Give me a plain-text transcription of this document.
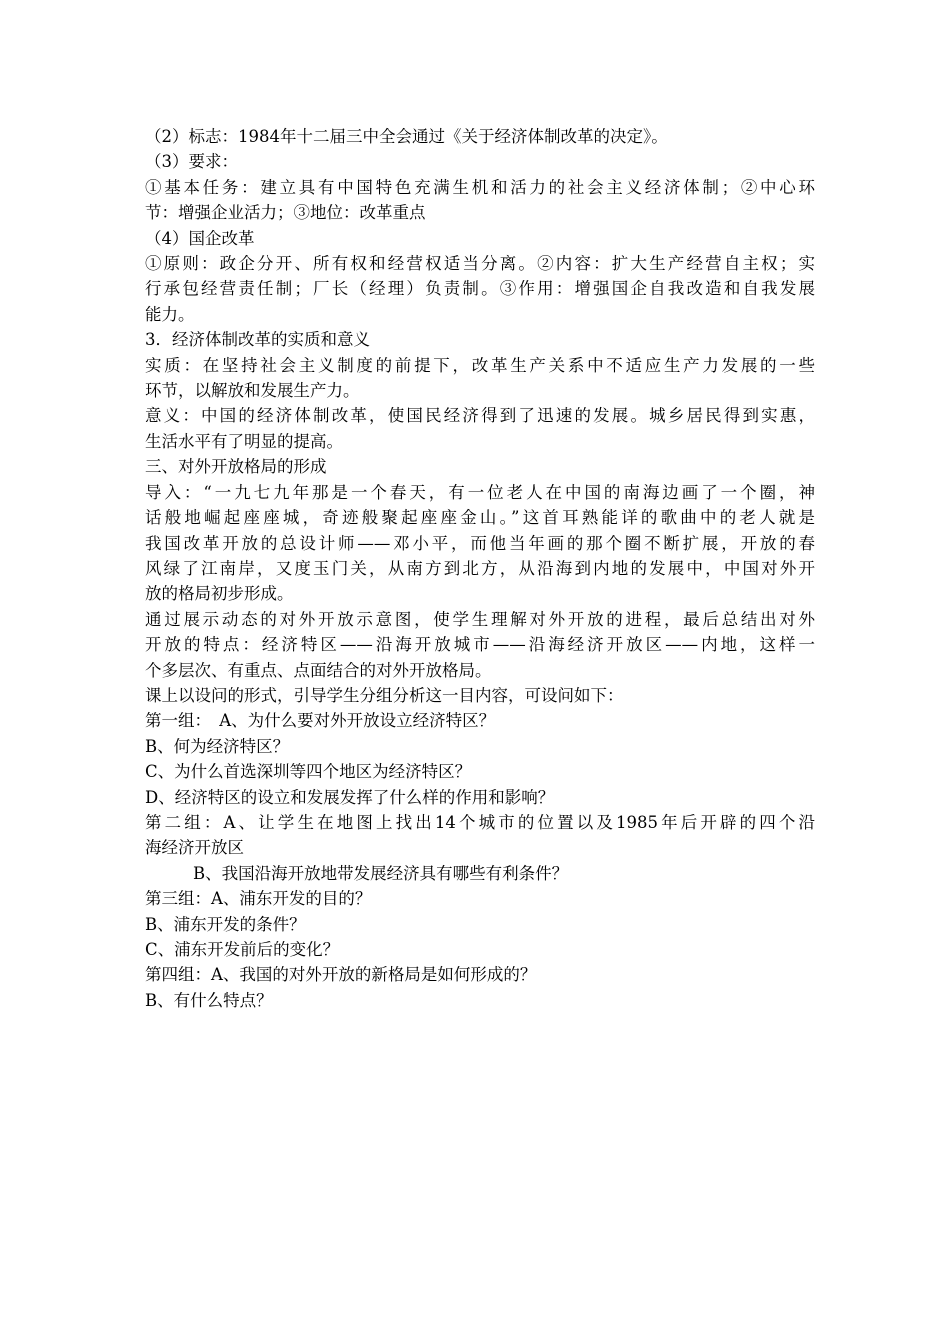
（2）标志：1984年十二届三中全会通过《关于经济体制改革的决定》。

（3）要求：

①基本任务：建立具有中国特色充满生机和活力的社会主义经济体制；②中心环

节：增强企业活力；③地位：改革重点

（4）国企改革

①原则：政企分开、所有权和经营权适当分离。②内容：扩大生产经营自主权；实

行承包经营责任制；厂长（经理）负责制。③作用：增强国企自我改造和自我发展

能力。

3．经济体制改革的实质和意义

实质：在坚持社会主义制度的前提下，改革生产关系中不适应生产力发展的一些

环节，以解放和发展生产力。

意义：中国的经济体制改革，使国民经济得到了迅速的发展。城乡居民得到实惠，

生活水平有了明显的提高。

三、对外开放格局的形成

导入：“一九七九年那是一个春天，有一位老人在中国的南海边画了一个圈，神

话般地崛起座座城，奇迹般聚起座座金山。”这首耳熟能详的歌曲中的老人就是

我国改革开放的总设计师——邓小平，而他当年画的那个圈不断扩展，开放的春

风绿了江南岸，又度玉门关，从南方到北方，从沿海到内地的发展中，中国对外开

放的格局初步形成。

通过展示动态的对外开放示意图，使学生理解对外开放的进程，最后总结出对外

开放的特点：经济特区——沿海开放城市——沿海经济开放区——内地，这样一

个多层次、有重点、点面结合的对外开放格局。

课上以设问的形式，引导学生分组分析这一目内容，可设问如下：

第一组：　A、为什么要对外开放设立经济特区？

B、何为经济特区？

C、为什么首选深圳等四个地区为经济特区？

D、经济特区的设立和发展发挥了什么样的作用和影响？

第二组：A、让学生在地图上找出14个城市的位置以及1985年后开辟的四个沿

海经济开放区

B、我国沿海开放地带发展经济具有哪些有利条件？

第三组：A、浦东开发的目的？

B、浦东开发的条件？

C、浦东开发前后的变化？

第四组：A、我国的对外开放的新格局是如何形成的？

B、有什么特点？
